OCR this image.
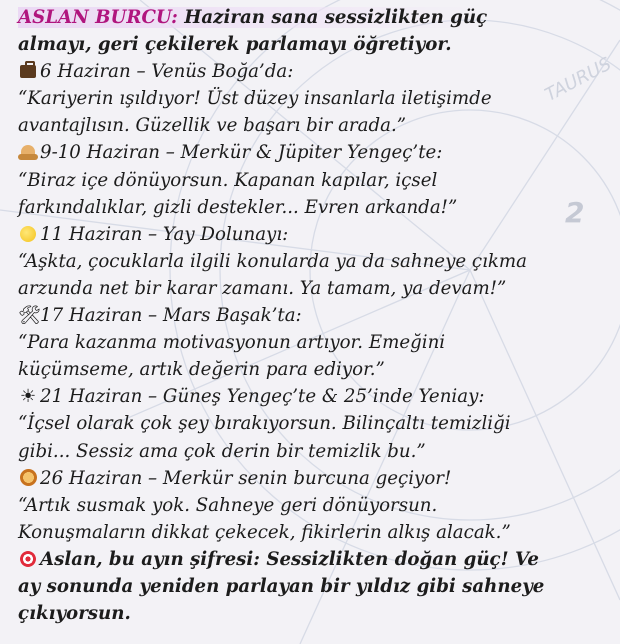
TAURUS
2
ASLAN BURCU: Haziran sana sessizlikten güç
almayı, geri çekilerek parlamayı öğretiyor.
6 Haziran – Venüs Boğa’da:
“Kariyerin ışıldıyor! Üst düzey insanlarla iletişimde
avantajlısın. Güzellik ve başarı bir arada.”
9-10 Haziran – Merkür & Jüpiter Yengeç’te:
“Biraz içe dönüyorsun. Kapanan kapılar, içsel
farkındalıklar, gizli destekler... Evren arkanda!”
11 Haziran – Yay Dolunayı:
“Aşkta, çocuklarla ilgili konularda ya da sahneye çıkma
arzunda net bir karar zamanı. Ya tamam, ya devam!”
🛠17 Haziran – Mars Başak’ta:
“Para kazanma motivasyonun artıyor. Emeğini
küçümseme, artık değerin para ediyor.”
☀ 21 Haziran – Güneş Yengeç’te & 25’inde Yeniay:
“İçsel olarak çok şey bırakıyorsun. Bilinçaltı temizliği
gibi... Sessiz ama çok derin bir temizlik bu.”
26 Haziran – Merkür senin burcuna geçiyor!
“Artık susmak yok. Sahneye geri dönüyorsun.
Konuşmaların dikkat çekecek, fikirlerin alkış alacak.”
Aslan, bu ayın şifresi: Sessizlikten doğan güç! Ve
ay sonunda yeniden parlayan bir yıldız gibi sahneye
çıkıyorsun.
